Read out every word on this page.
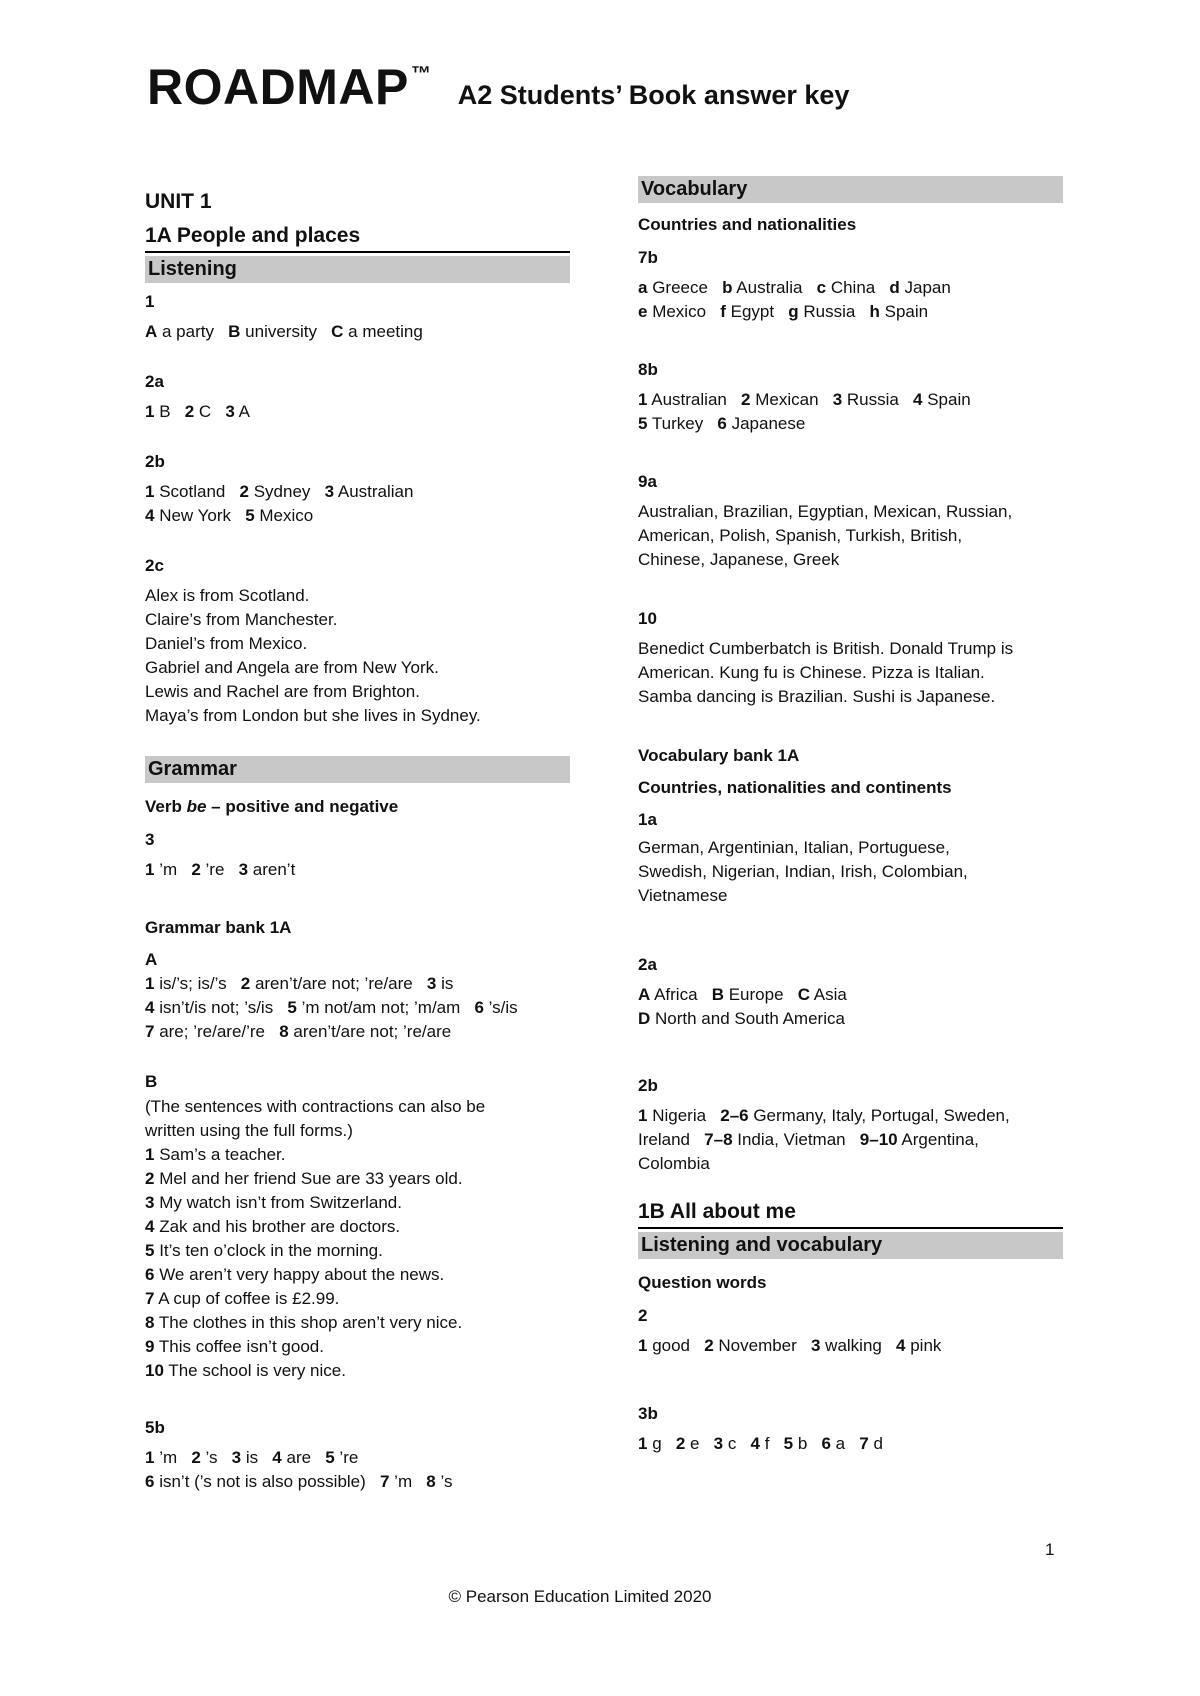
ROADMAP ™ A2 Students’ Book answer key
UNIT 1
1A People and places
Listening
1
A a party B university C a meeting
2a
1 B 2 C 3 A
2b
1 Scotland 2 Sydney 3 Australian
4 New York 5 Mexico
2c
Alex is from Scotland.
Claire’s from Manchester.
Daniel’s from Mexico.
Gabriel and Angela are from New York.
Lewis and Rachel are from Brighton.
Maya’s from London but she lives in Sydney.
Grammar
Verb be – positive and negative
3
1 ’m 2 ’re 3 aren’t
Grammar bank 1A
A
1 is/’s; is/’s 2 aren’t/are not; ’re/are 3 is
4 isn’t/is not; ’s/is 5 ’m not/am not; ’m/am 6 ’s/is
7 are; ’re/are/’re 8 aren’t/are not; ’re/are
B
(The sentences with contractions can also be
written using the full forms.)
1 Sam’s a teacher.
2 Mel and her friend Sue are 33 years old.
3 My watch isn’t from Switzerland.
4 Zak and his brother are doctors.
5 It’s ten o’clock in the morning.
6 We aren’t very happy about the news.
7 A cup of coffee is £2.99.
8 The clothes in this shop aren’t very nice.
9 This coffee isn’t good.
10 The school is very nice.
5b
1 ’m 2 ’s 3 is 4 are 5 ’re
6 isn’t (’s not is also possible) 7 ’m 8 ’s
Vocabulary
Countries and nationalities
7b
a Greece b Australia c China d Japan
e Mexico f Egypt g Russia h Spain
8b
1 Australian 2 Mexican 3 Russia 4 Spain
5 Turkey 6 Japanese
9a
Australian, Brazilian, Egyptian, Mexican, Russian,
American, Polish, Spanish, Turkish, British,
Chinese, Japanese, Greek
10
Benedict Cumberbatch is British. Donald Trump is
American. Kung fu is Chinese. Pizza is Italian.
Samba dancing is Brazilian. Sushi is Japanese.
Vocabulary bank 1A
Countries, nationalities and continents
1a
German, Argentinian, Italian, Portuguese,
Swedish, Nigerian, Indian, Irish, Colombian,
Vietnamese
2a
A Africa B Europe C Asia
D North and South America
2b
1 Nigeria 2–6 Germany, Italy, Portugal, Sweden,
Ireland 7–8 India, Vietman 9–10 Argentina,
Colombia
1B All about me
Listening and vocabulary
Question words
2
1 good 2 November 3 walking 4 pink
3b
1 g 2 e 3 c 4 f 5 b 6 a 7 d
1
© Pearson Education Limited 2020
